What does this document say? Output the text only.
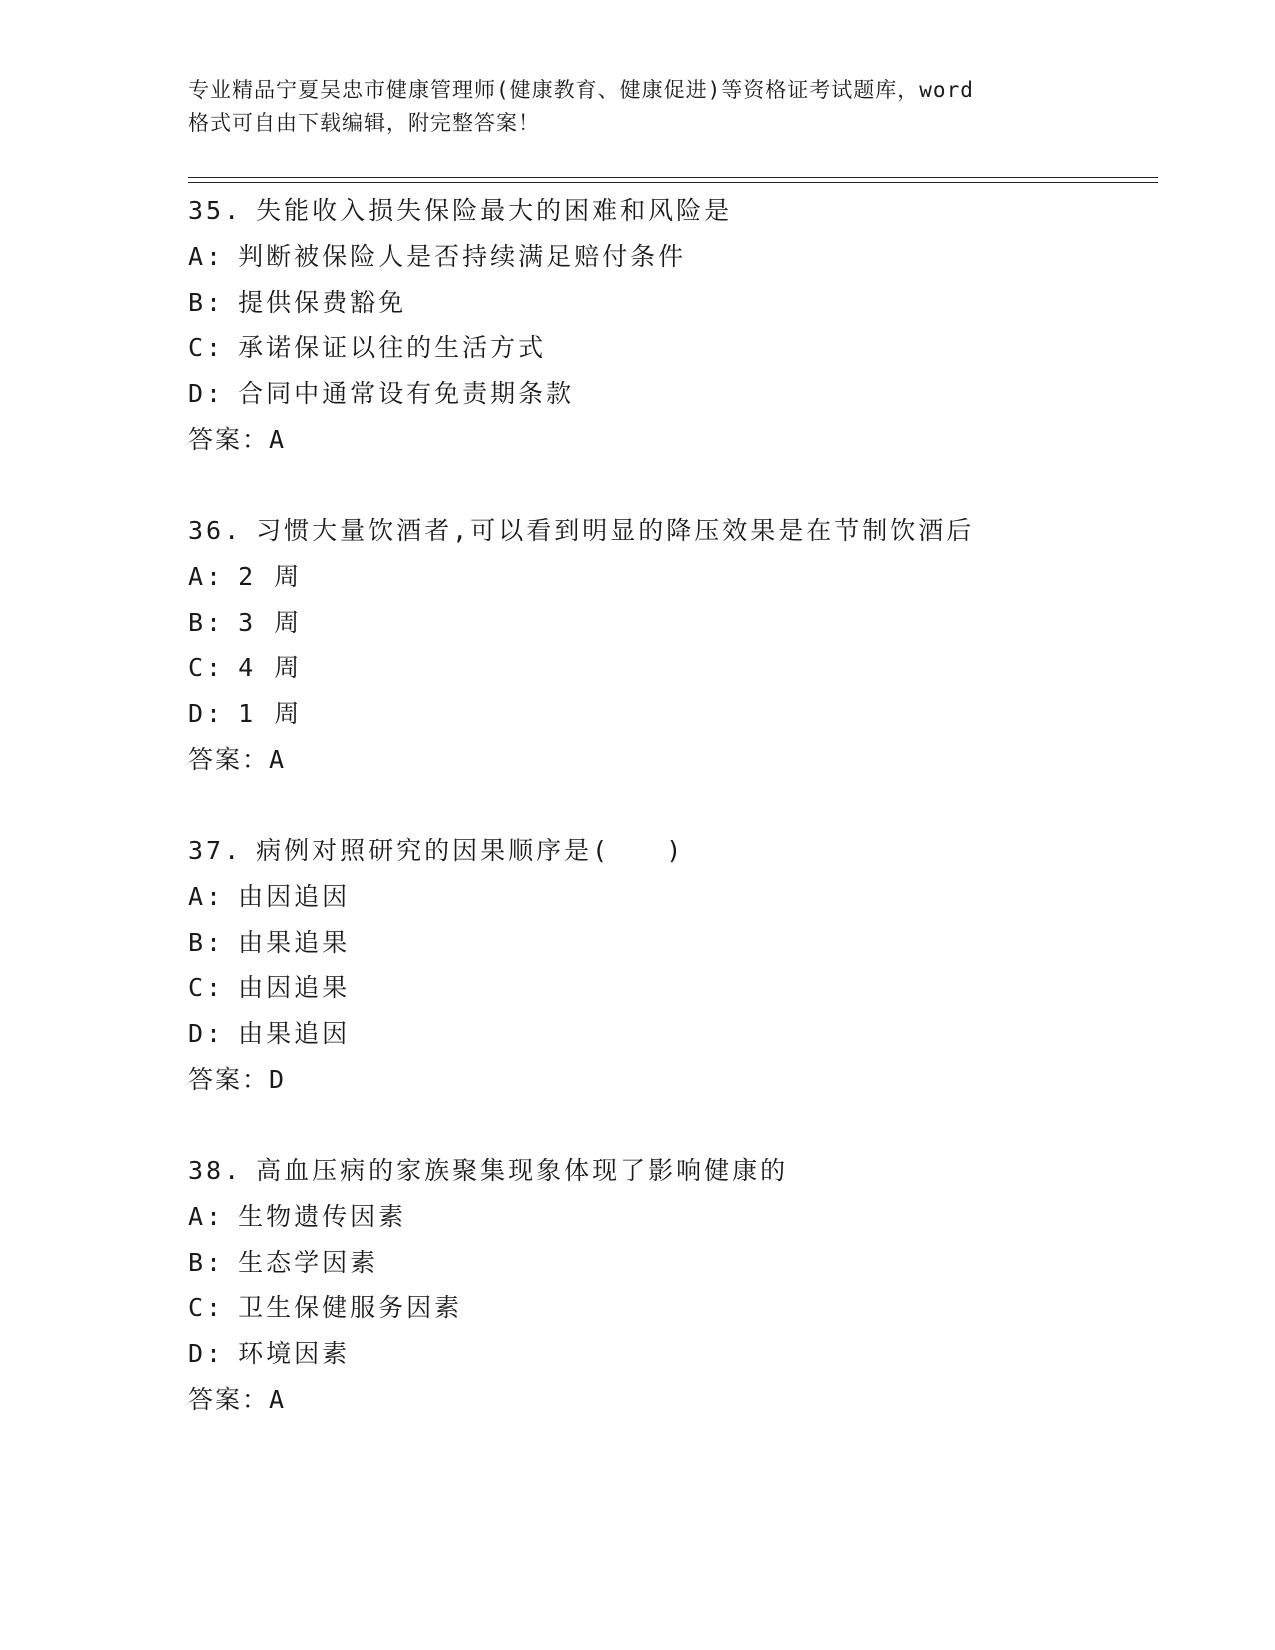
专业精品宁夏吴忠市健康管理师(健康教育、健康促进)等资格证考试题库，word
格式可自由下载编辑，附完整答案！
35. 失能收入损失保险最大的困难和风险是
A: 判断被保险人是否持续满足赔付条件
B: 提供保费豁免
C: 承诺保证以往的生活方式
D: 合同中通常设有免责期条款
答案：A
36. 习惯大量饮酒者,可以看到明显的降压效果是在节制饮酒后
A: 2 周
B: 3 周
C: 4 周
D: 1 周
答案：A
37. 病例对照研究的因果顺序是(　　)
A: 由因追因
B: 由果追果
C: 由因追果
D: 由果追因
答案：D
38. 高血压病的家族聚集现象体现了影响健康的
A: 生物遗传因素
B: 生态学因素
C: 卫生保健服务因素
D: 环境因素
答案：A
